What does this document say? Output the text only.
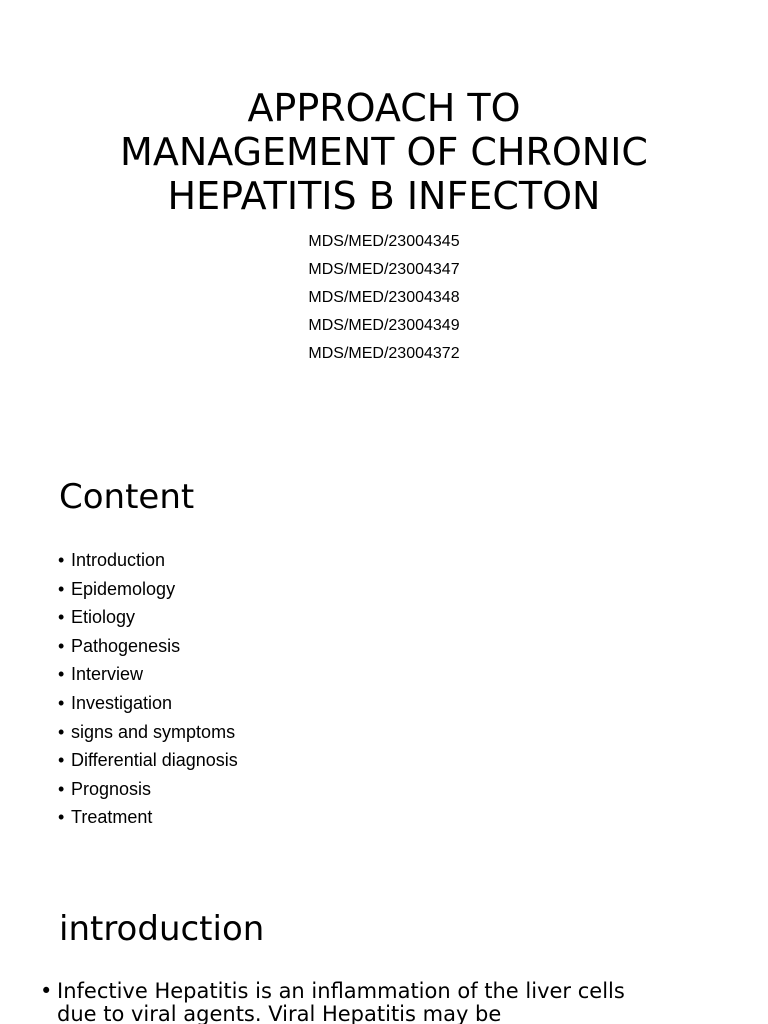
APPROACH TO
MANAGEMENT OF CHRONIC
HEPATITIS B INFECTON
MDS/MED/23004345
MDS/MED/23004347
MDS/MED/23004348
MDS/MED/23004349
MDS/MED/23004372
Content
• Introduction
• Epidemology
• Etiology
• Pathogenesis
• Interview
• Investigation
• signs and symptoms
• Differential diagnosis
• Prognosis
• Treatment
introduction

• Infective Hepatitis is an inflammation of the liver cells due to viral agents. Viral Hepatitis may be
